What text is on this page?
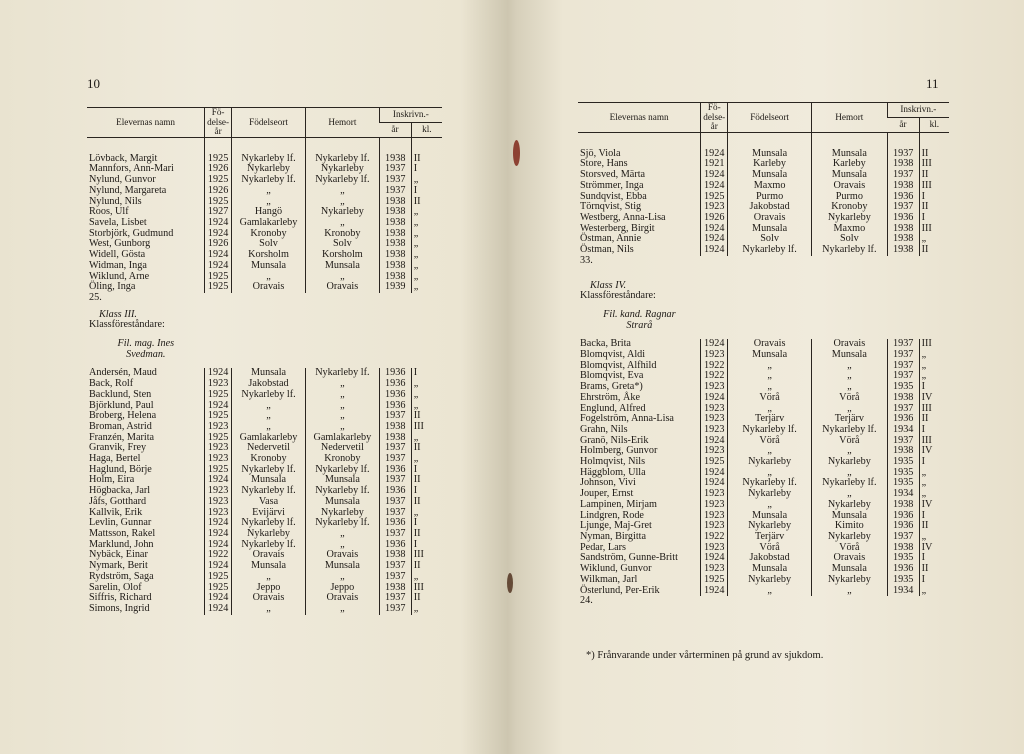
10
Elevernas namn	Fö- delse- år	Födelseort	Hemort	Inskrivn.-	
				år	kl.
Lövback, Margit	1925	Nykarleby lf.	Nykarleby lf.	1938	II
Mannfors, Ann-Mari	1926	Nykarleby	Nykarleby	1937	I
Nylund, Gunvor	1925	Nykarleby lf.	Nykarleby lf.	1937	„
Nylund, Margareta	1926	„	„	1937	I
Nylund, Nils	1925	„	„	1938	II
Roos, Ulf	1927	Hangö	Nykarleby	1938	„
Savela, Lisbet	1924	Gamlakarleby	„	1938	„
Storbjörk, Gudmund	1924	Kronoby	Kronoby	1938	„
West, Gunborg	1926	Solv	Solv	1938	„
Widell, Gösta	1924	Korsholm	Korsholm	1938	„
Widman, Inga	1924	Munsala	Munsala	1938	„
Wiklund, Arne	1925	„	„	1938	„
Öling, Inga	1925	Oravais	Oravais	1939	„
25.					
Klass III.					
Klassföreståndare:					
Fil. mag. Ines
Svedman.					
Andersén, Maud	1924	Munsala	Nykarleby lf.	1936	I
Back, Rolf	1923	Jakobstad	„	1936	„
Backlund, Sten	1925	Nykarleby lf.	„	1936	„
Björklund, Paul	1924	„	„	1936	„
Broberg, Helena	1925	„	„	1937	II
Broman, Astrid	1923	„	„	1938	III
Franzén, Marita	1925	Gamlakarleby	Gamlakarleby	1938	„
Granvik, Frey	1923	Nedervetil	Nedervetil	1937	II
Haga, Bertel	1923	Kronoby	Kronoby	1937	„
Haglund, Börje	1925	Nykarleby lf.	Nykarleby lf.	1936	I
Holm, Eira	1924	Munsala	Munsala	1937	II
Högbacka, Jarl	1923	Nykarleby lf.	Nykarleby lf.	1936	I
Jåfs, Gotthard	1923	Vasa	Munsala	1937	II
Kallvik, Erik	1923	Evijärvi	Nykarleby	1937	„
Levlin, Gunnar	1924	Nykarleby lf.	Nykarleby lf.	1936	I
Mattsson, Rakel	1924	Nykarleby	„	1937	II
Marklund, John	1924	Nykarleby lf.	„	1936	I
Nybäck, Einar	1922	Oravais	Oravais	1938	III
Nymark, Berit	1924	Munsala	Munsala	1937	II
Rydström, Saga	1925	„	„	1937	„
Sarelin, Olof	1925	Jeppo	Jeppo	1938	III
Siffris, Richard	1924	Oravais	Oravais	1937	II
Simons, Ingrid	1924	„	„	1937	„
11
Elevernas namn	Fö- delse- år	Födelseort	Hemort	Inskrivn.-	
				år	kl.
Sjö, Viola	1924	Munsala	Munsala	1937	II
Store, Hans	1921	Karleby	Karleby	1938	III
Storsved, Märta	1924	Munsala	Munsala	1937	II
Strömmer, Inga	1924	Maxmo	Oravais	1938	III
Sundqvist, Ebba	1925	Purmo	Purmo	1936	I
Törnqvist, Stig	1923	Jakobstad	Kronoby	1937	II
Westberg, Anna-Lisa	1926	Oravais	Nykarleby	1936	I
Westerberg, Birgit	1924	Munsala	Maxmo	1938	III
Östman, Annie	1924	Solv	Solv	1938	„
Östman, Nils	1924	Nykarleby lf.	Nykarleby lf.	1938	II
33.					
Klass IV.					
Klassföreståndare:					
Fil. kand. Ragnar
Strarå					
Backa, Brita	1924	Oravais	Oravais	1937	III
Blomqvist, Aldi	1923	Munsala	Munsala	1937	„
Blomqvist, Alfhild	1922	„	„	1937	„
Blomqvist, Eva	1922	„	„	1937	„
Brams, Greta*)	1923	„	„	1935	I
Ehrström, Åke	1924	Vörå	Vörå	1938	IV
Englund, Alfred	1923	„	„	1937	III
Fogelström, Anna-Lisa	1923	Terjärv	Terjärv	1936	II
Grahn, Nils	1923	Nykarleby lf.	Nykarleby lf.	1934	I
Granö, Nils-Erik	1924	Vörå	Vörå	1937	III
Holmberg, Gunvor	1923	„	„	1938	IV
Holmqvist, Nils	1925	Nykarleby	Nykarleby	1935	I
Häggblom, Ulla	1924	„	„	1935	„
Johnson, Vivi	1924	Nykarleby lf.	Nykarleby lf.	1935	„
Jouper, Ernst	1923	Nykarleby	„	1934	„
Lampinen, Mirjam	1923	„	Nykarleby	1938	IV
Lindgren, Rode	1923	Munsala	Munsala	1936	I
Ljunge, Maj-Gret	1923	Nykarleby	Kimito	1936	II
Nyman, Birgitta	1922	Terjärv	Nykarleby	1937	„
Pedar, Lars	1923	Vörå	Vörå	1938	IV
Sandström, Gunne-Britt	1924	Jakobstad	Oravais	1935	I
Wiklund, Gunvor	1923	Munsala	Munsala	1936	II
Wilkman, Jarl	1925	Nykarleby	Nykarleby	1935	I
Österlund, Per-Erik	1924	„	„	1934	„
24.					
*) Frånvarande under vårterminen på grund av sjukdom.
